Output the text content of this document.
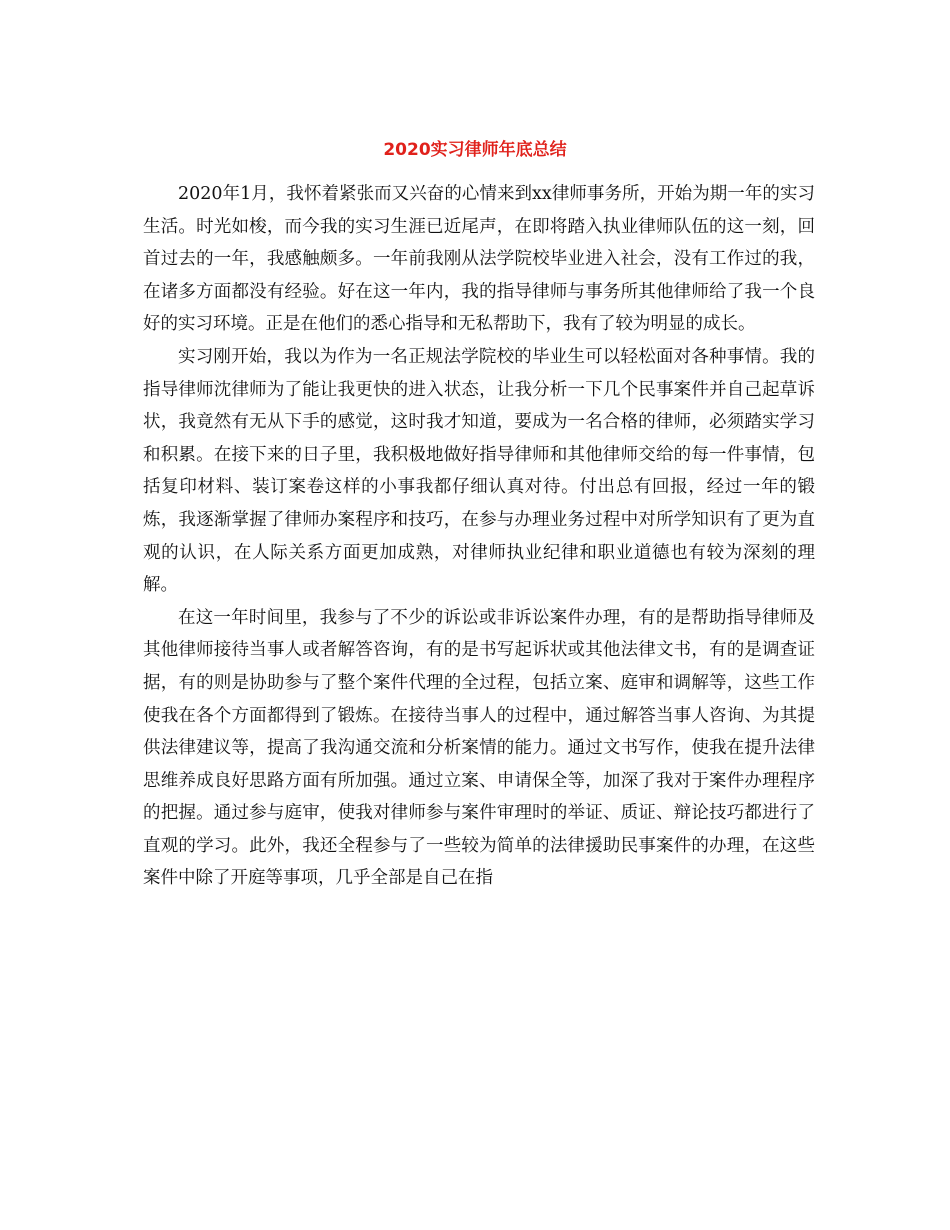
2020实习律师年底总结

2020年1月，我怀着紧张而又兴奋的心情来到xx律师事务所，开始为期一年的实习生活。时光如梭，而今我的实习生涯已近尾声，在即将踏入执业律师队伍的这一刻，回首过去的一年，我感触颇多。一年前我刚从法学院校毕业进入社会，没有工作过的我，在诸多方面都没有经验。好在这一年内，我的指导律师与事务所其他律师给了我一个良好的实习环境。正是在他们的悉心指导和无私帮助下，我有了较为明显的成长。

实习刚开始，我以为作为一名正规法学院校的毕业生可以轻松面对各种事情。我的指导律师沈律师为了能让我更快的进入状态，让我分析一下几个民事案件并自己起草诉状，我竟然有无从下手的感觉，这时我才知道，要成为一名合格的律师，必须踏实学习和积累。在接下来的日子里，我积极地做好指导律师和其他律师交给的每一件事情，包括复印材料、装订案卷这样的小事我都仔细认真对待。付出总有回报，经过一年的锻炼，我逐渐掌握了律师办案程序和技巧，在参与办理业务过程中对所学知识有了更为直观的认识，在人际关系方面更加成熟，对律师执业纪律和职业道德也有较为深刻的理解。

在这一年时间里，我参与了不少的诉讼或非诉讼案件办理，有的是帮助指导律师及其他律师接待当事人或者解答咨询，有的是书写起诉状或其他法律文书，有的是调查证据，有的则是协助参与了整个案件代理的全过程，包括立案、庭审和调解等，这些工作使我在各个方面都得到了锻炼。在接待当事人的过程中，通过解答当事人咨询、为其提供法律建议等，提高了我沟通交流和分析案情的能力。通过文书写作，使我在提升法律思维养成良好思路方面有所加强。通过立案、申请保全等，加深了我对于案件办理程序的把握。通过参与庭审，使我对律师参与案件审理时的举证、质证、辩论技巧都进行了直观的学习。此外，我还全程参与了一些较为简单的法律援助民事案件的办理，在这些案件中除了开庭等事项，几乎全部是自己在指
